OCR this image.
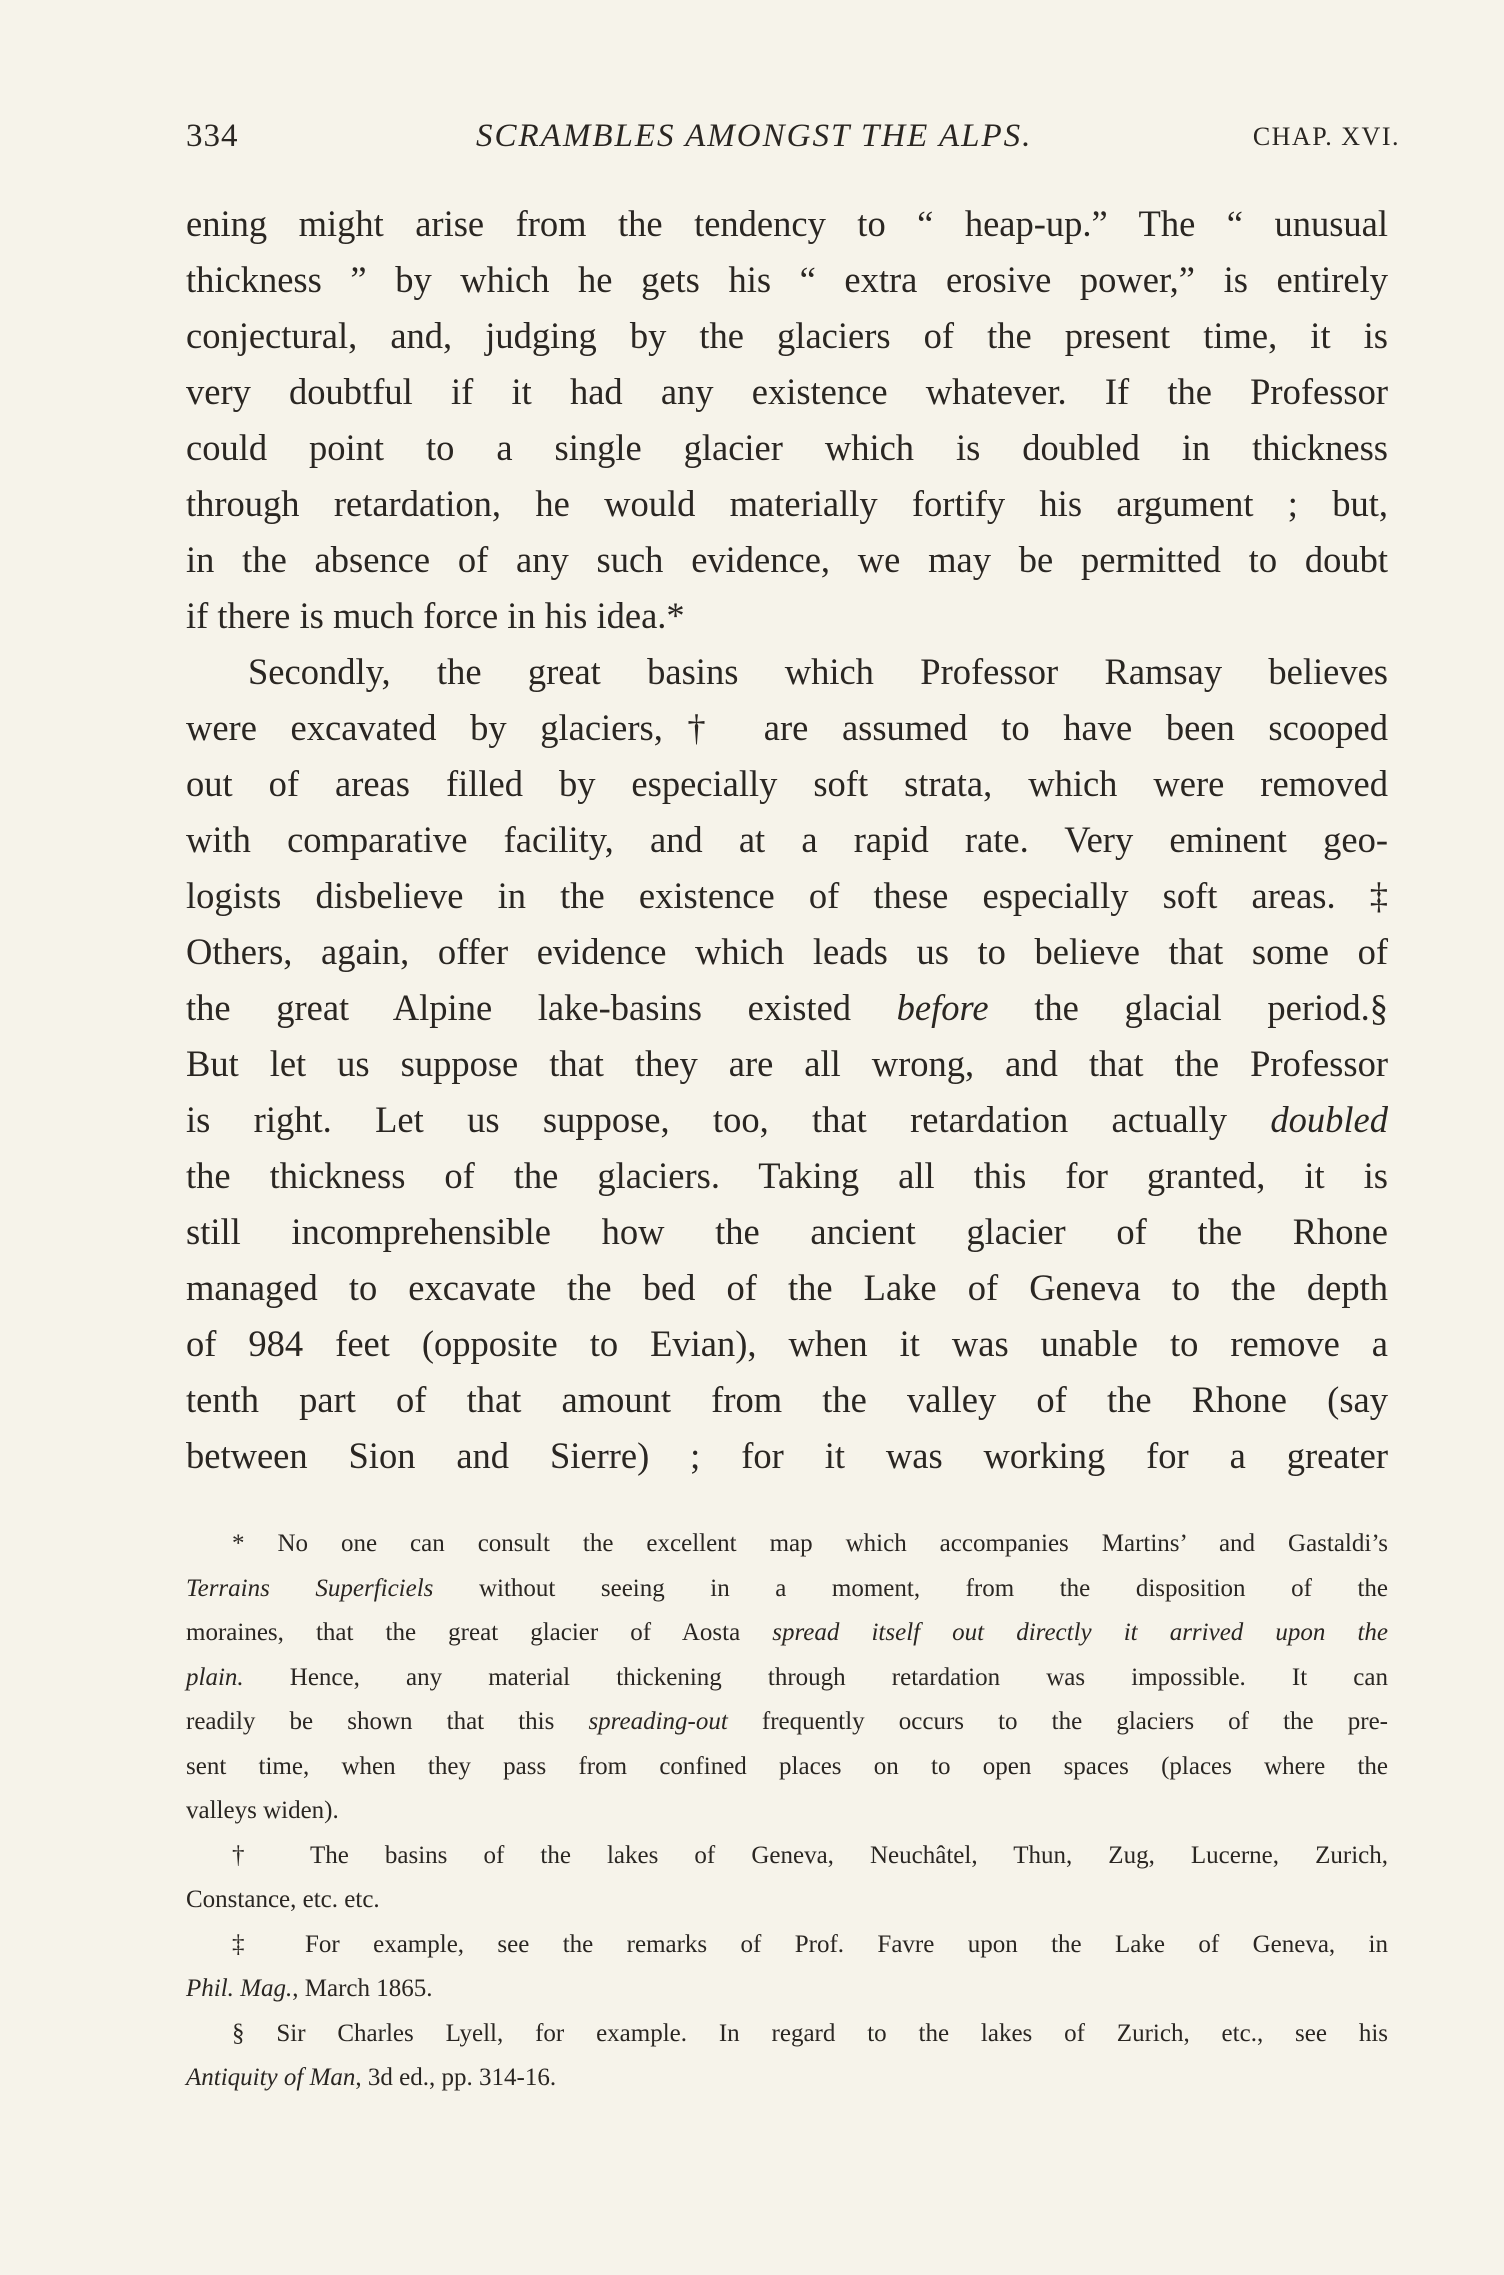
334	SCRAMBLES AMONGST THE ALPS.	CHAP. XVI.
ening might arise from the tendency to “ heap-up.” The “ unusual
thickness ” by which he gets his “ extra erosive power,” is entirely
conjectural, and, judging by the glaciers of the present time, it is
very doubtful if it had any existence whatever. If the Professor
could point to a single glacier which is doubled in thickness
through retardation, he would materially fortify his argument ; but,
in the absence of any such evidence, we may be permitted to doubt
if there is much force in his idea.*
Secondly, the great basins which Professor Ramsay believes
were excavated by glaciers,† are assumed to have been scooped
out of areas filled by especially soft strata, which were removed
with comparative facility, and at a rapid rate. Very eminent geo-
logists disbelieve in the existence of these especially soft areas. ‡
Others, again, offer evidence which leads us to believe that some of
the great Alpine lake-basins existed before the glacial period.§
But let us suppose that they are all wrong, and that the Professor
is right. Let us suppose, too, that retardation actually doubled
the thickness of the glaciers. Taking all this for granted, it is
still incomprehensible how the ancient glacier of the Rhone
managed to excavate the bed of the Lake of Geneva to the depth
of 984 feet (opposite to Evian), when it was unable to remove a
tenth part of that amount from the valley of the Rhone (say
between Sion and Sierre) ; for it was working for a greater
* No one can consult the excellent map which accompanies Martins’ and Gastaldi’s
Terrains Superficiels without seeing in a moment, from the disposition of the
moraines, that the great glacier of Aosta spread itself out directly it arrived upon the
plain. Hence, any material thickening through retardation was impossible. It can
readily be shown that this spreading-out frequently occurs to the glaciers of the pre-
sent time, when they pass from confined places on to open spaces (places where the
valleys widen).
† The basins of the lakes of Geneva, Neuchâtel, Thun, Zug, Lucerne, Zurich,
Constance, etc. etc.
‡ For example, see the remarks of Prof. Favre upon the Lake of Geneva, in
Phil. Mag., March 1865.
§ Sir Charles Lyell, for example. In regard to the lakes of Zurich, etc., see his
Antiquity of Man, 3d ed., pp. 314-16.
